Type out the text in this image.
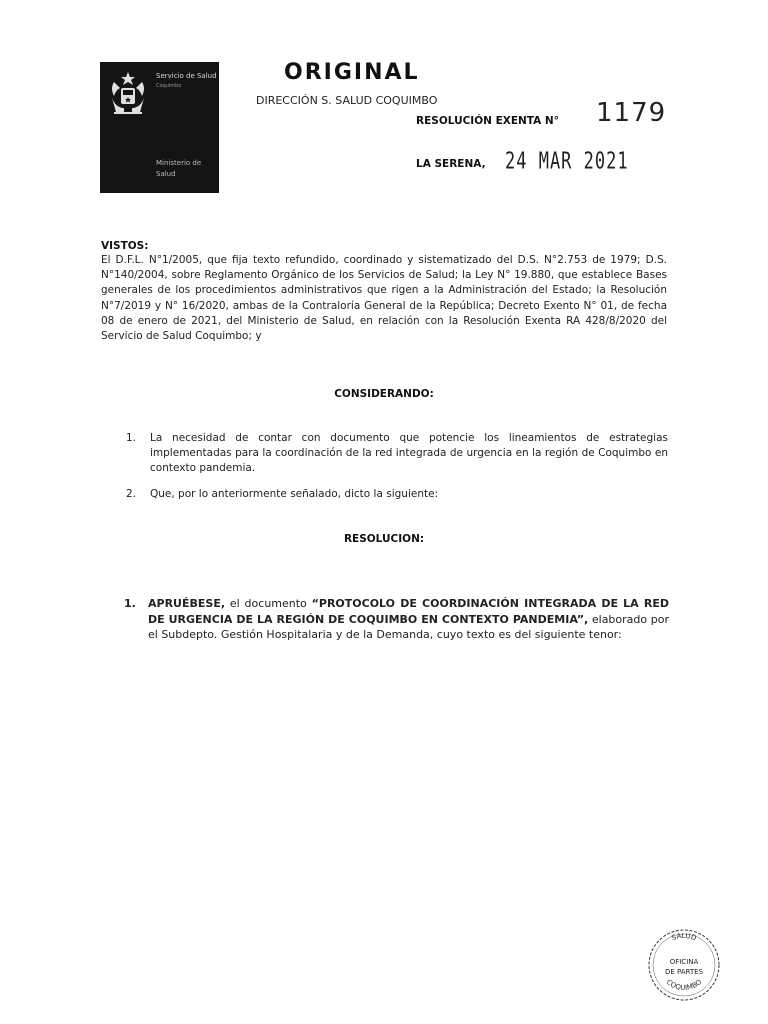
Servicio de Salud
Coquimbo
Ministerio de Salud
ORIGINAL
DIRECCIÓN S. SALUD COQUIMBO
RESOLUCIÓN EXENTA N° 1179
LA SERENA, 24 MAR 2021
VISTOS:
El D.F.L. N°1/2005, que fija texto refundido, coordinado y sistematizado del D.S. N°2.753 de 1979; D.S. N°140/2004, sobre Reglamento Orgánico de los Servicios de Salud; la Ley N° 19.880, que establece Bases generales de los procedimientos administrativos que rigen a la Administración del Estado; la Resolución N°7/2019 y N° 16/2020, ambas de la Contraloría General de la República; Decreto Exento N° 01, de fecha 08 de enero de 2021, del Ministerio de Salud, en relación con la Resolución Exenta RA 428/8/2020 del Servicio de Salud Coquimbo; y
CONSIDERANDO:
1.	La necesidad de contar con documento que potencie los lineamientos de estrategias implementadas para la coordinación de la red integrada de urgencia en la región de Coquimbo en contexto pandemia.
2.	Que, por lo anteriormente señalado, dicto la siguiente:
RESOLUCION:
1.	APRUÉBESE, el documento “PROTOCOLO DE COORDINACIÓN INTEGRADA DE LA RED DE URGENCIA DE LA REGIÓN DE COQUIMBO EN CONTEXTO PANDEMIA”, elaborado por el Subdepto. Gestión Hospitalaria y de la Demanda, cuyo texto es del siguiente tenor:
SALUD
OFICINA
DE PARTES
COQUIMBO
